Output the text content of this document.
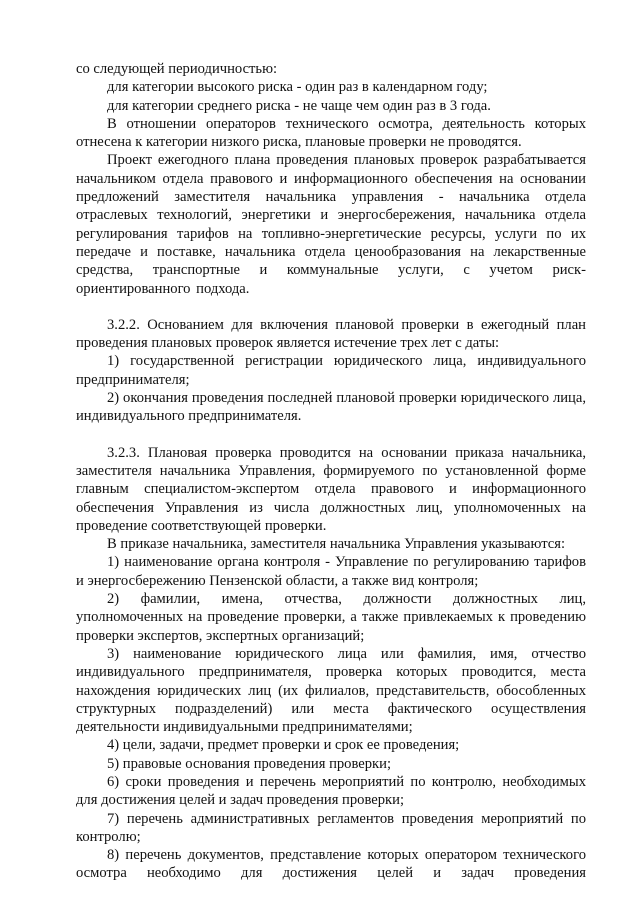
со следующей периодичностью:

для категории высокого риска - один раз в календарном году;

для категории среднего риска - не чаще чем один раз в 3 года.

В отношении операторов технического осмотра, деятельность которых отнесена к категории низкого риска, плановые проверки не проводятся.

Проект ежегодного плана проведения плановых проверок разрабатывается начальником отдела правового и информационного обеспечения на основании предложений заместителя начальника управления - начальника отдела отраслевых технологий, энергетики и энергосбережения, начальника отдела регулирования тарифов на топливно-энергетические ресурсы, услуги по их передаче и поставке, начальника отдела ценообразования на лекарственные средства, транспортные и коммунальные услуги, с учетом риск-ориентированного подхода.

3.2.2. Основанием для включения плановой проверки в ежегодный план проведения плановых проверок является истечение трех лет с даты:

1) государственной регистрации юридического лица, индивидуального предпринимателя;

2) окончания проведения последней плановой проверки юридического лица, индивидуального предпринимателя.

3.2.3. Плановая проверка проводится на основании приказа начальника, заместителя начальника Управления, формируемого по установленной форме главным специалистом-экспертом отдела правового и информационного обеспечения Управления из числа должностных лиц, уполномоченных на проведение соответствующей проверки.

В приказе начальника, заместителя начальника Управления указываются:

1) наименование органа контроля - Управление по регулированию тарифов и энергосбережению Пензенской области, а также вид контроля;

2) фамилии, имена, отчества, должности должностных лиц, уполномоченных на проведение проверки, а также привлекаемых к проведению проверки экспертов, экспертных организаций;

3) наименование юридического лица или фамилия, имя, отчество индивидуального предпринимателя, проверка которых проводится, места нахождения юридических лиц (их филиалов, представительств, обособленных структурных подразделений) или места фактического осуществления деятельности индивидуальными предпринимателями;

4) цели, задачи, предмет проверки и срок ее проведения;

5) правовые основания проведения проверки;

6) сроки проведения и перечень мероприятий по контролю, необходимых для достижения целей и задач проведения проверки;

7) перечень административных регламентов проведения мероприятий по контролю;

8) перечень документов, представление которых оператором технического осмотра необходимо для достижения целей и задач проведения
